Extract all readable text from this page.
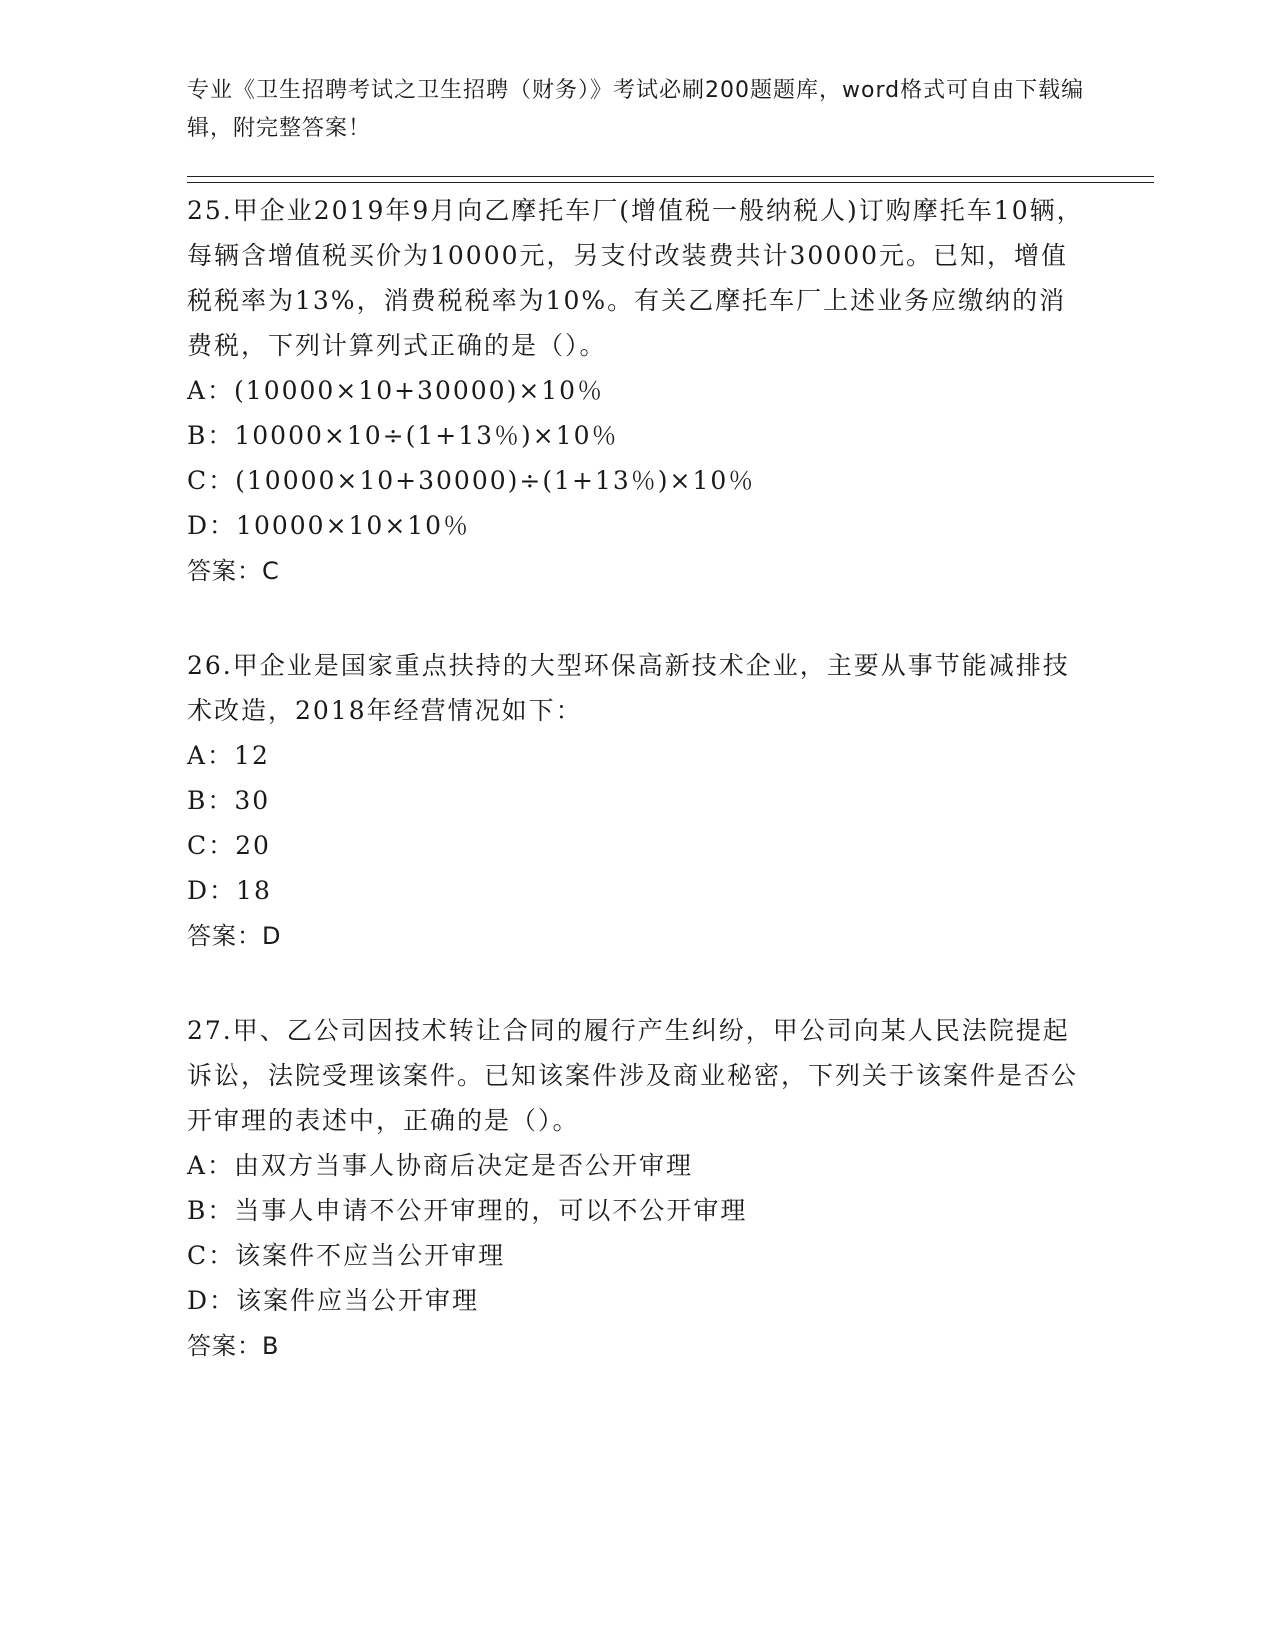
专业《卫生招聘考试之卫生招聘（财务）》考试必刷200题题库，word格式可自由下载编辑，附完整答案！
25.甲企业2019年9月向乙摩托车厂(增值税一般纳税人)订购摩托车10辆，每辆含增值税买价为10000元，另支付改装费共计30000元。已知，增值税税率为13%，消费税税率为10%。有关乙摩托车厂上述业务应缴纳的消费税，下列计算列式正确的是（）。
A：(10000×10+30000)×10％
B：10000×10÷(1+13％)×10％
C：(10000×10+30000)÷(1+13％)×10％
D：10000×10×10％
答案：C
26.甲企业是国家重点扶持的大型环保高新技术企业，主要从事节能减排技术改造，2018年经营情况如下：
A：12
B：30
C：20
D：18
答案：D
27.甲、乙公司因技术转让合同的履行产生纠纷，甲公司向某人民法院提起诉讼，法院受理该案件。已知该案件涉及商业秘密，下列关于该案件是否公开审理的表述中，正确的是（）。
A：由双方当事人协商后决定是否公开审理
B：当事人申请不公开审理的，可以不公开审理
C：该案件不应当公开审理
D：该案件应当公开审理
答案：B
